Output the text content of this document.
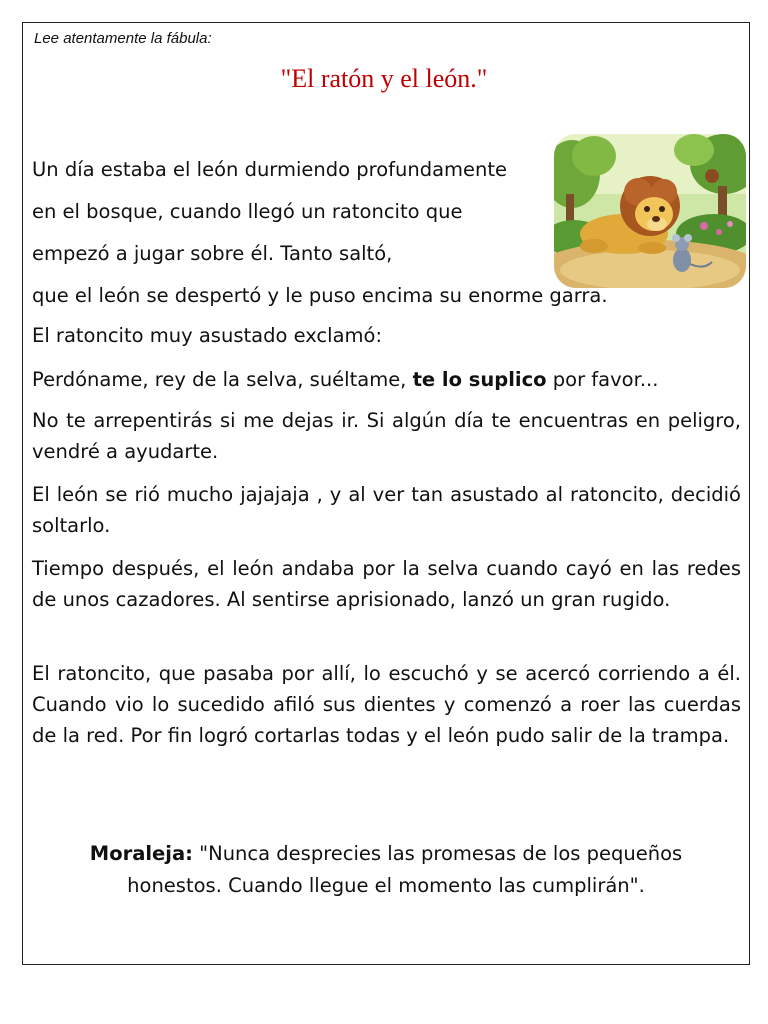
Lee atentamente la fábula:
"El ratón y el león."

Un día estaba el león durmiendo profundamente

en el bosque, cuando llegó un ratoncito que

empezó a jugar sobre él. Tanto saltó,

que el león se despertó y le puso encima su enorme garra.

El ratoncito muy asustado exclamó:

Perdóname, rey de la selva, suéltame, te lo suplico por favor...

No te arrepentirás si me dejas ir. Si algún día te encuentras en peligro, vendré a ayudarte.

El león se rió mucho jajajaja , y al ver tan asustado al ratoncito, decidió soltarlo.

Tiempo después, el león andaba por la selva cuando cayó en las redes de unos cazadores. Al sentirse aprisionado, lanzó un gran rugido.

El ratoncito, que pasaba por allí, lo escuchó y se acercó corriendo a él. Cuando vio lo sucedido afiló sus dientes y comenzó a roer las cuerdas de la red. Por fin logró cortarlas todas y el león pudo salir de la trampa.

Moraleja: "Nunca desprecies las promesas de los pequeños honestos. Cuando llegue el momento las cumplirán".
